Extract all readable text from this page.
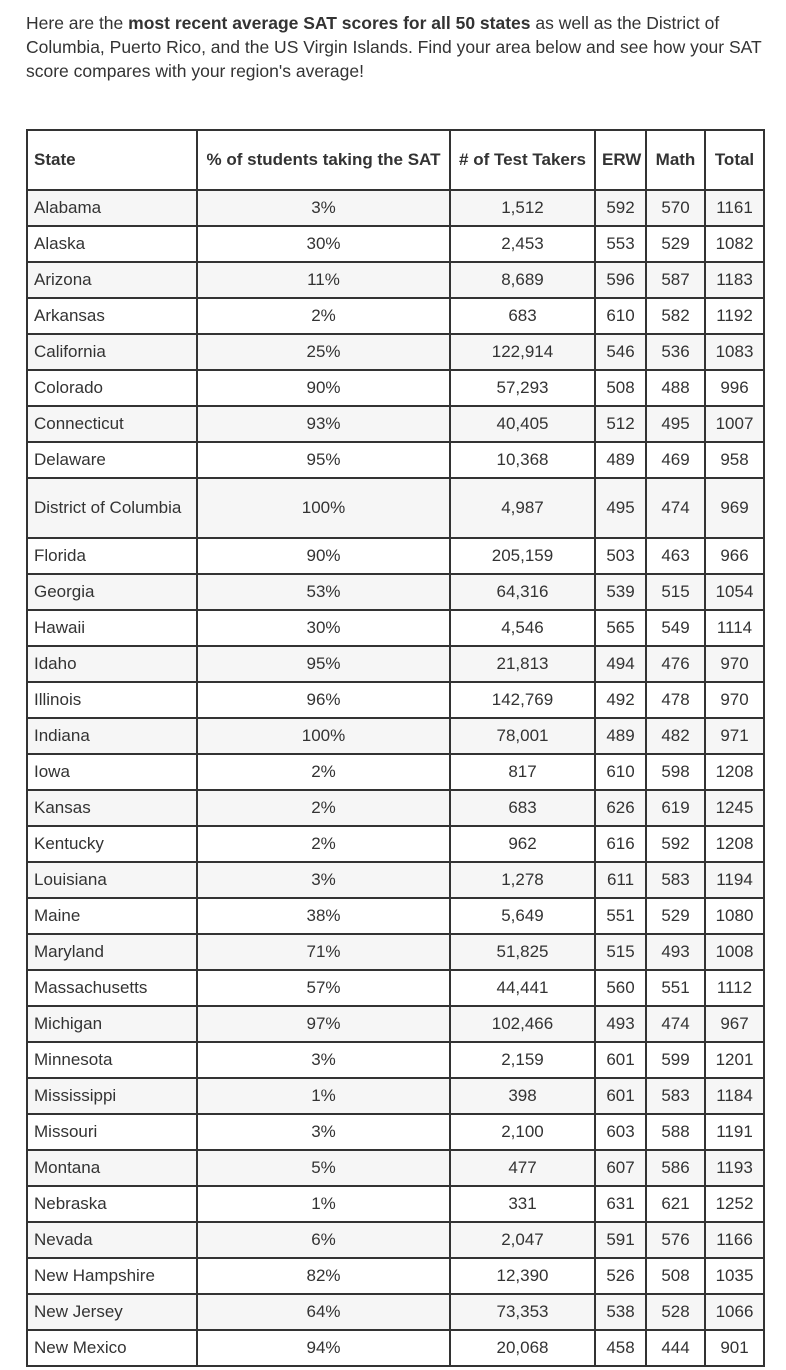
Here are the most recent average SAT scores for all 50 states as well as the District of Columbia, Puerto Rico, and the US Virgin Islands. Find your area below and see how your SAT score compares with your region's average!

State	% of students taking the SAT	# of Test Takers	ERW	Math	Total
Alabama	3%	1,512	592	570	1161
Alaska	30%	2,453	553	529	1082
Arizona	11%	8,689	596	587	1183
Arkansas	2%	683	610	582	1192
California	25%	122,914	546	536	1083
Colorado	90%	57,293	508	488	996
Connecticut	93%	40,405	512	495	1007
Delaware	95%	10,368	489	469	958
District of Columbia	100%	4,987	495	474	969
Florida	90%	205,159	503	463	966
Georgia	53%	64,316	539	515	1054
Hawaii	30%	4,546	565	549	1114
Idaho	95%	21,813	494	476	970
Illinois	96%	142,769	492	478	970
Indiana	100%	78,001	489	482	971
Iowa	2%	817	610	598	1208
Kansas	2%	683	626	619	1245
Kentucky	2%	962	616	592	1208
Louisiana	3%	1,278	611	583	1194
Maine	38%	5,649	551	529	1080
Maryland	71%	51,825	515	493	1008
Massachusetts	57%	44,441	560	551	1112
Michigan	97%	102,466	493	474	967
Minnesota	3%	2,159	601	599	1201
Mississippi	1%	398	601	583	1184
Missouri	3%	2,100	603	588	1191
Montana	5%	477	607	586	1193
Nebraska	1%	331	631	621	1252
Nevada	6%	2,047	591	576	1166
New Hampshire	82%	12,390	526	508	1035
New Jersey	64%	73,353	538	528	1066
New Mexico	94%	20,068	458	444	901
